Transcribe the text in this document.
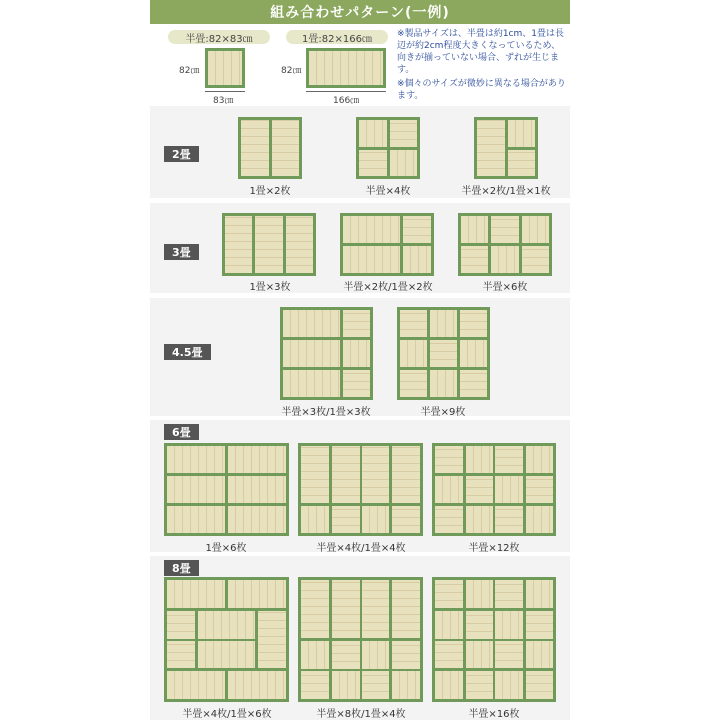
組み合わせパターン(一例)
半畳:82×83㎝	1畳:82×166㎝
82㎝
83㎝
82㎝
166㎝

※製品サイズは、半畳は約1cm、1畳は長辺が約2cm程度大きくなっているため、向きが揃っていない場合、ずれが生じます。

※個々のサイズが微妙に異なる場合があります。

2畳
3畳
4.5畳
6畳
8畳
1畳×2枚	半畳×4枚	半畳×2枚/1畳×1枚
1畳×3枚	半畳×2枚/1畳×2枚	半畳×6枚
半畳×3枚/1畳×3枚	半畳×9枚
1畳×6枚	半畳×4枚/1畳×4枚	半畳×12枚
半畳×4枚/1畳×6枚	半畳×8枚/1畳×4枚	半畳×16枚
